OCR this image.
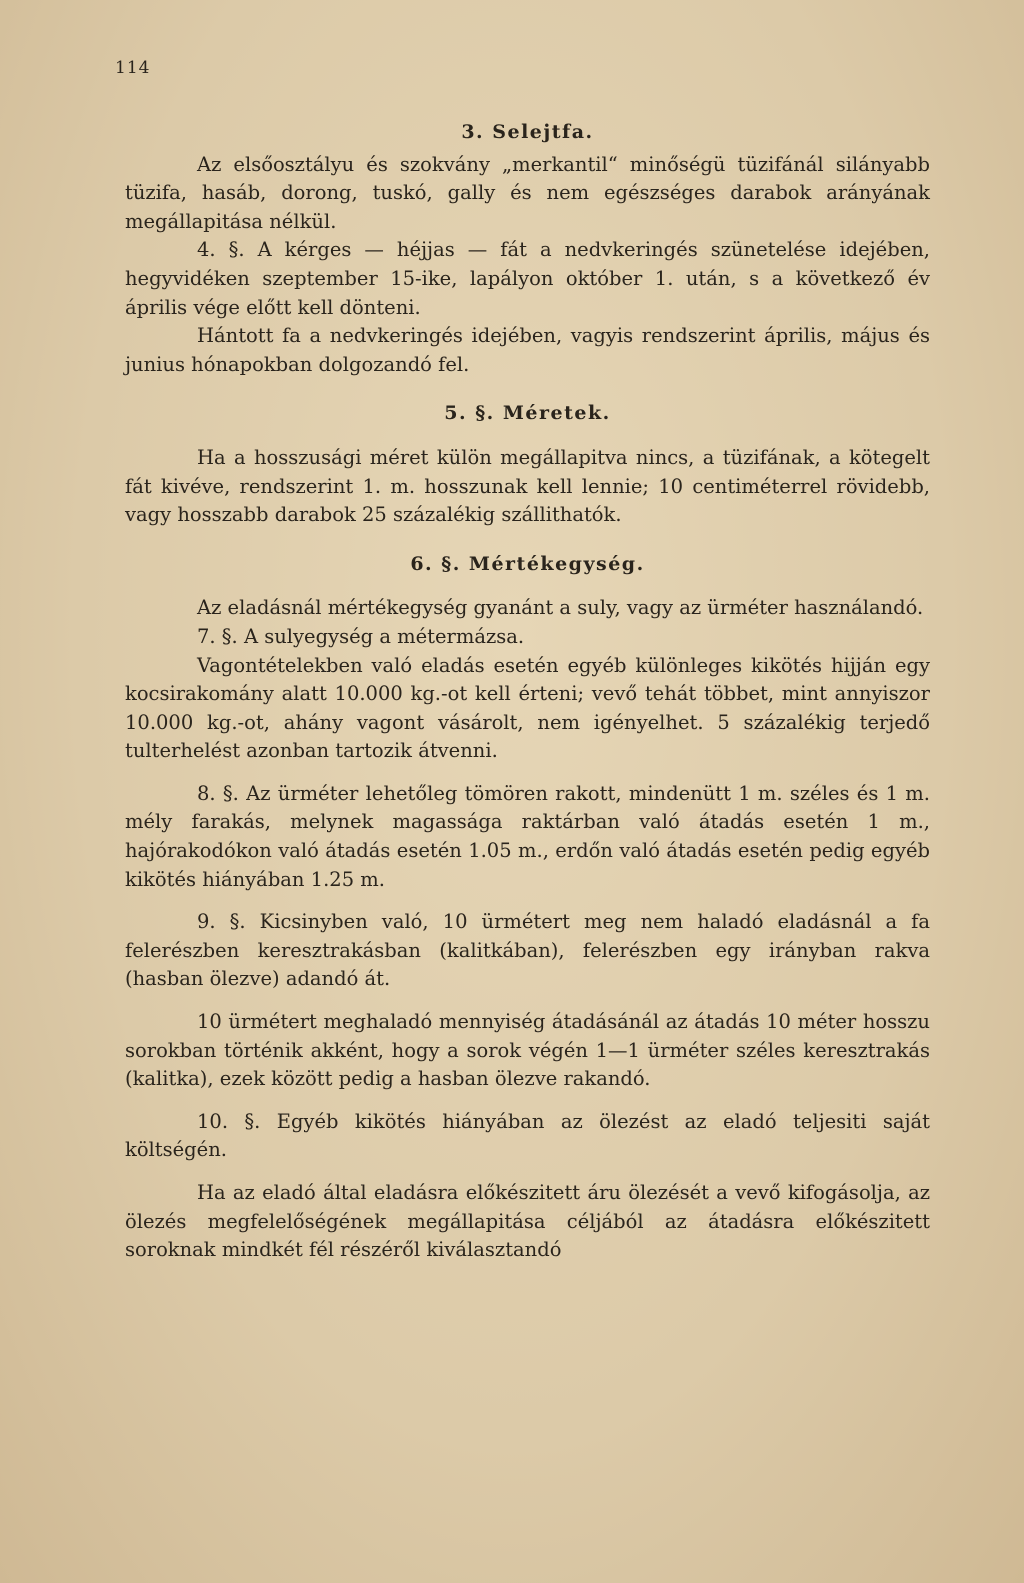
114
3. Selejtfa.

Az elsőosztályu és szokvány „merkantil“ minőségü tüzifánál silányabb tüzifa, hasáb, dorong, tuskó, gally és nem egészséges darabok arányának megállapitása nélkül.

4. §. A kérges — héjjas — fát a nedvkeringés szünetelése idejében, hegyvidéken szeptember 15-ike, lapályon október 1. után, s a következő év április vége előtt kell dönteni.

Hántott fa a nedvkeringés idejében, vagyis rendszerint április, május és junius hónapokban dolgozandó fel.

5. §. Méretek.

Ha a hosszusági méret külön megállapitva nincs, a tüzifának, a kötegelt fát kivéve, rendszerint 1. m. hosszunak kell lennie; 10 centiméterrel rövidebb, vagy hosszabb darabok 25 százalékig szállithatók.

6. §. Mértékegység.

Az eladásnál mértékegység gyanánt a suly, vagy az ürméter használandó.

7. §. A sulyegység a métermázsa.

Vagontételekben való eladás esetén egyéb különleges kikötés hijján egy kocsirakomány alatt 10.000 kg.-ot kell érteni; vevő tehát többet, mint annyiszor 10.000 kg.-ot, ahány vagont vásárolt, nem igényelhet. 5 százalékig terjedő tulterhelést azonban tartozik átvenni.

8. §. Az ürméter lehetőleg tömören rakott, mindenütt 1 m. széles és 1 m. mély farakás, melynek magassága raktárban való átadás esetén 1 m., hajórakodókon való átadás esetén 1.05 m., erdőn való átadás esetén pedig egyéb kikötés hiányában 1.25 m.

9. §. Kicsinyben való, 10 ürmétert meg nem haladó eladásnál a fa felerészben keresztrakásban (kalitkában), felerészben egy irányban rakva (hasban ölezve) adandó át.

10 ürmétert meghaladó mennyiség átadásánál az átadás 10 méter hosszu sorokban történik akként, hogy a sorok végén 1—1 ürméter széles keresztrakás (kalitka), ezek között pedig a hasban ölezve rakandó.

10. §. Egyéb kikötés hiányában az ölezést az eladó teljesiti saját költségén.

Ha az eladó által eladásra előkészitett áru ölezését a vevő kifogásolja, az ölezés megfelelőségének megállapitása céljából az átadásra előkészitett soroknak mindkét fél részéről kiválasztandó
